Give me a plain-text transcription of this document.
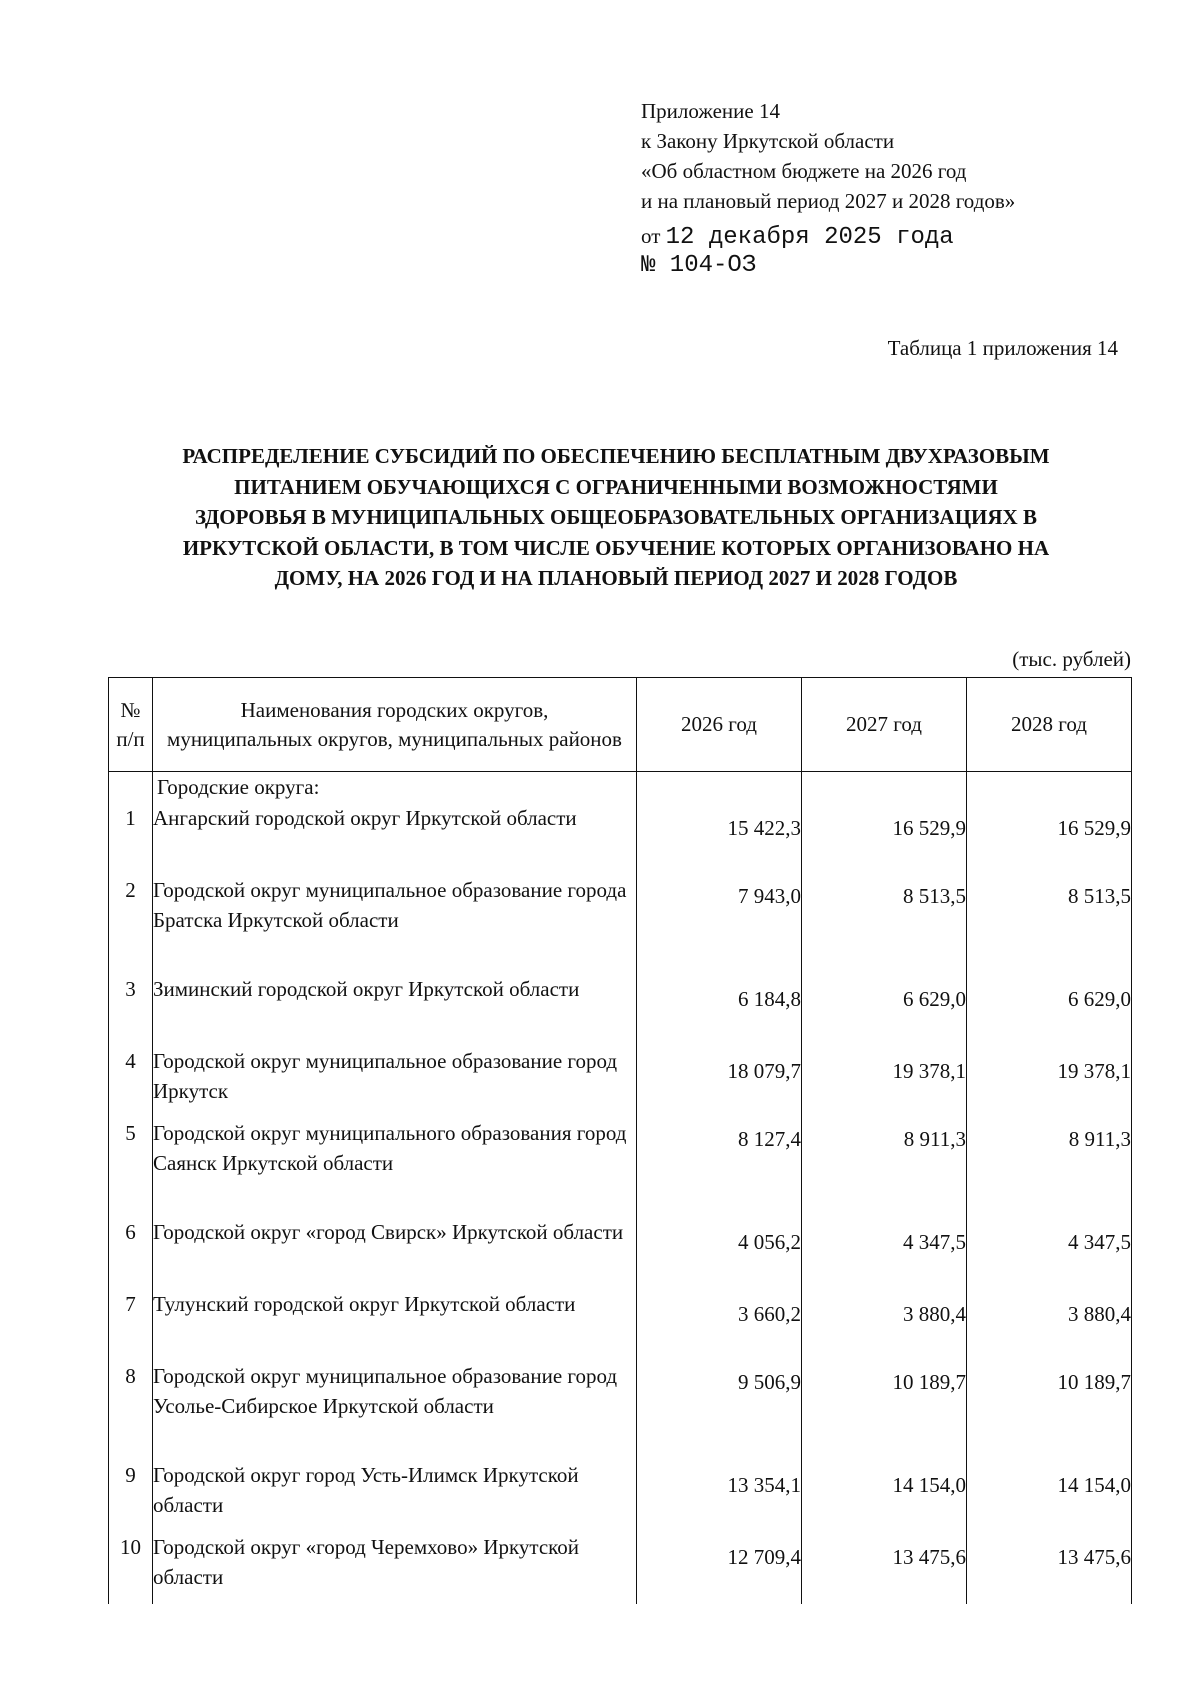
Приложение 14
к Закону Иркутской области
«Об областном бюджете на 2026 год
и на плановый период 2027 и 2028 годов»
от 12 декабря 2025 года
№ 104-ОЗ
Таблица 1 приложения 14
РАСПРЕДЕЛЕНИЕ СУБСИДИЙ ПО ОБЕСПЕЧЕНИЮ БЕСПЛАТНЫМ ДВУХРАЗОВЫМ
ПИТАНИЕМ ОБУЧАЮЩИХСЯ С ОГРАНИЧЕННЫМИ ВОЗМОЖНОСТЯМИ
ЗДОРОВЬЯ В МУНИЦИПАЛЬНЫХ ОБЩЕОБРАЗОВАТЕЛЬНЫХ ОРГАНИЗАЦИЯХ В
ИРКУТСКОЙ ОБЛАСТИ, В ТОМ ЧИСЛЕ ОБУЧЕНИЕ КОТОРЫХ ОРГАНИЗОВАНО НА
ДОМУ, НА 2026 ГОД И НА ПЛАНОВЫЙ ПЕРИОД 2027 И 2028 ГОДОВ
(тыс. рублей)
№
п/п	Наименования городских округов, муниципальных округов, муниципальных районов	2026 год	2027 год	2028 год
	Городские округа:			
1	Ангарский городской округ Иркутской области	15 422,3	16 529,9	16 529,9
2	Городской округ муниципальное образование города Братска Иркутской области	7 943,0	8 513,5	8 513,5
3	Зиминский городской округ Иркутской области	6 184,8	6 629,0	6 629,0
4	Городской округ муниципальное образование город Иркутск	18 079,7	19 378,1	19 378,1
5	Городской округ муниципального образования город Саянск Иркутской области	8 127,4	8 911,3	8 911,3
6	Городской округ «город Свирск» Иркутской области	4 056,2	4 347,5	4 347,5
7	Тулунский городской округ Иркутской области	3 660,2	3 880,4	3 880,4
8	Городской округ муниципальное образование город Усолье-Сибирское Иркутской области	9 506,9	10 189,7	10 189,7
9	Городской округ город Усть-Илимск Иркутской области	13 354,1	14 154,0	14 154,0
10	Городской округ «город Черемхово» Иркутской области	12 709,4	13 475,6	13 475,6
